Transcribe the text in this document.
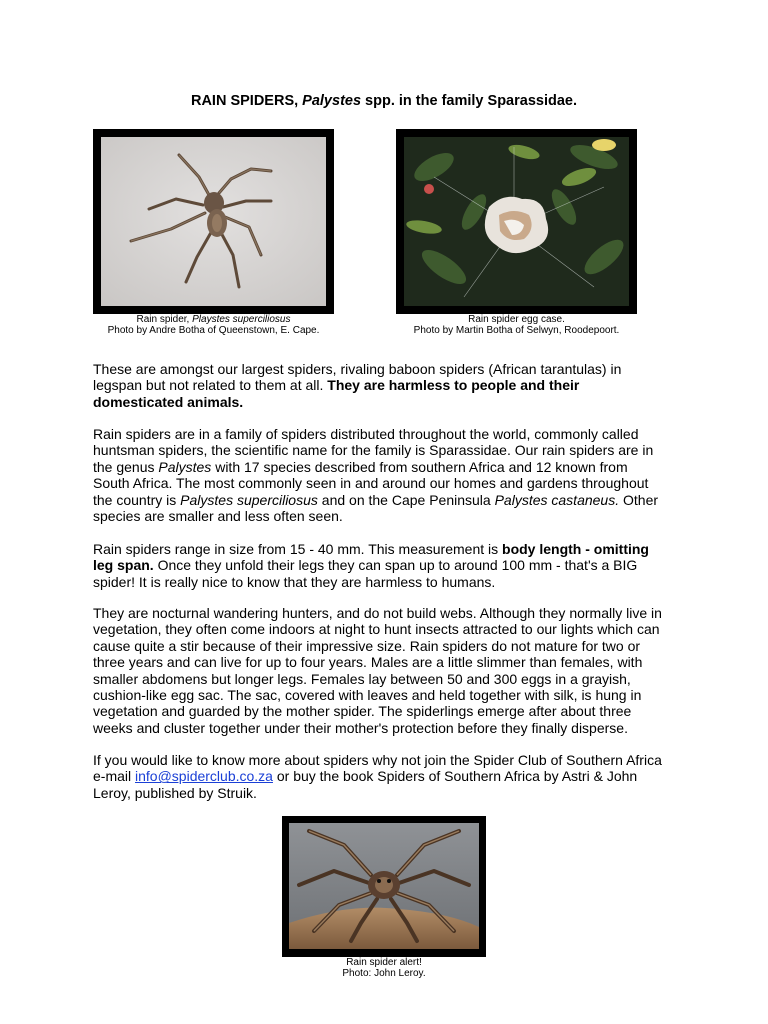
RAIN SPIDERS, Palystes spp. in the family Sparassidae.
Rain spider, Playstes superciliosus
Photo by Andre Botha of Queenstown, E. Cape.
Rain spider egg case.
Photo by Martin Botha of Selwyn, Roodepoort.
These are amongst our largest spiders, rivaling baboon spiders (African tarantulas) in
legspan but not related to them at all. They are harmless to people and their
domesticated animals.
Rain spiders are in a family of spiders distributed throughout the world, commonly called
huntsman spiders, the scientific name for the family is Sparassidae. Our rain spiders are in
the genus Palystes with 17 species described from southern Africa and 12 known from
South Africa. The most commonly seen in and around our homes and gardens throughout
the country is Palystes superciliosus and on the Cape Peninsula Palystes castaneus. Other
species are smaller and less often seen.
Rain spiders range in size from 15 - 40 mm. This measurement is body length - omitting
leg span. Once they unfold their legs they can span up to around 100 mm - that's a BIG
spider! It is really nice to know that they are harmless to humans.
They are nocturnal wandering hunters, and do not build webs. Although they normally live in
vegetation, they often come indoors at night to hunt insects attracted to our lights which can
cause quite a stir because of their impressive size. Rain spiders do not mature for two or
three years and can live for up to four years. Males are a little slimmer than females, with
smaller abdomens but longer legs. Females lay between 50 and 300 eggs in a grayish,
cushion-like egg sac. The sac, covered with leaves and held together with silk, is hung in
vegetation and guarded by the mother spider. The spiderlings emerge after about three
weeks and cluster together under their mother's protection before they finally disperse.
If you would like to know more about spiders why not join the Spider Club of Southern Africa
e-mail info@spiderclub.co.za or buy the book Spiders of Southern Africa by Astri & John
Leroy, published by Struik.
Rain spider alert!
Photo: John Leroy.
